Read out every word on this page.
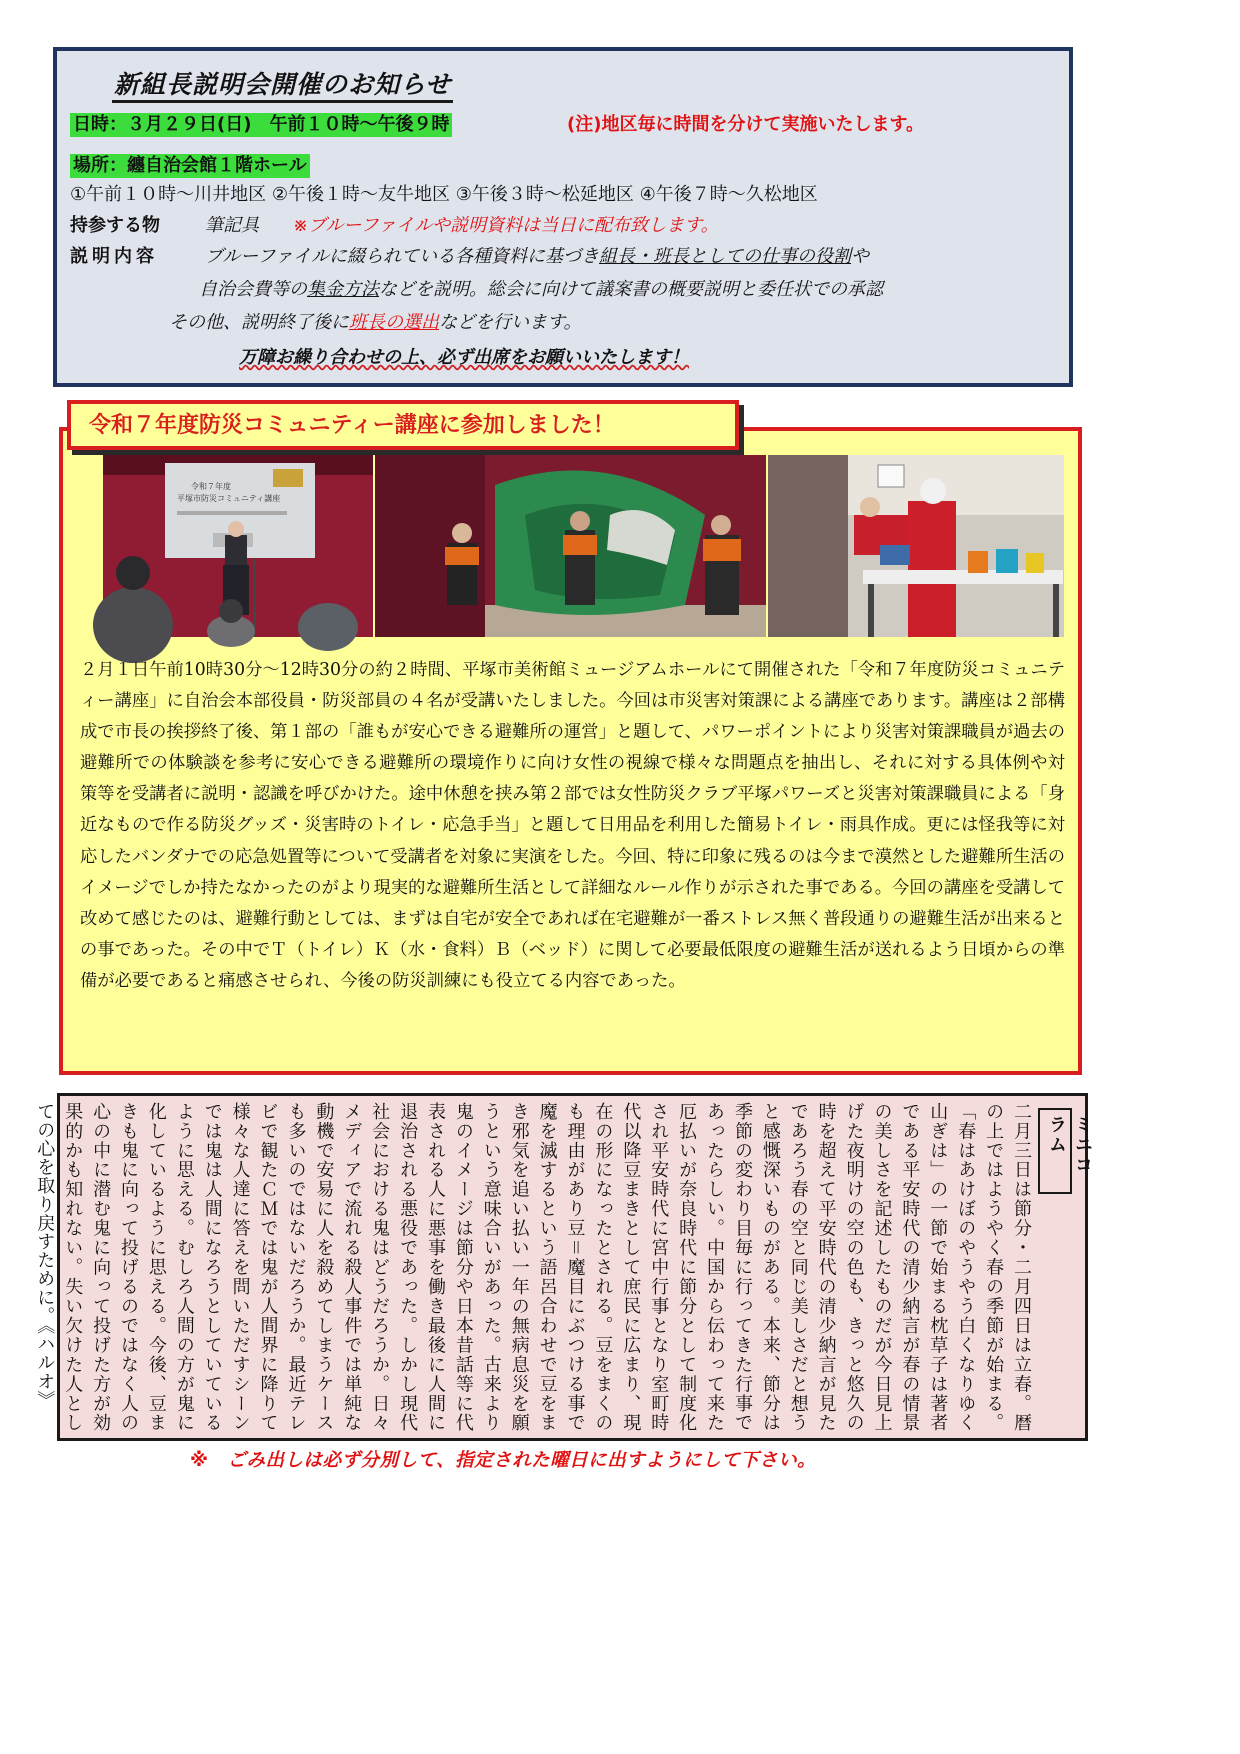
新組長説明会開催のお知らせ
日時：３月２９日(日)　午前１０時～午後９時	(注)地区毎に時間を分けて実施いたします。
場所：纏自治会館１階ホール
①午前１０時～川井地区 ②午後１時～友牛地区 ③午後３時～松延地区 ④午後７時～久松地区
持参する物	筆記具 ※ブルーファイルや説明資料は当日に配布致します。
説明内容	ブルーファイルに綴られている各種資料に基づき組長・班長としての仕事の役割や
自治会費等の集金方法などを説明。総会に向けて議案書の概要説明と委任状での承認
その他、説明終了後に班長の選出などを行います。
万障お繰り合わせの上、必ず出席をお願いいたします！
令和７年度防災コミュニティー講座に参加しました！
令和７年度
平塚市防災コミュニティ講座
２月１日午前10時30分～12時30分の約２時間、平塚市美術館ミュージアムホールにて開催された「令和７年度防災コミュニティー講座」に自治会本部役員・防災部員の４名が受講いたしました。今回は市災害対策課による講座であります。講座は２部構成で市長の挨拶終了後、第１部の「誰もが安心できる避難所の運営」と題して、パワーポイントにより災害対策課職員が過去の避難所での体験談を参考に安心できる避難所の環境作りに向け女性の視線で様々な問題点を抽出し、それに対する具体例や対策等を受講者に説明・認識を呼びかけた。途中休憩を挟み第２部では女性防災クラブ平塚パワーズと災害対策課職員による「身近なもので作る防災グッズ・災害時のトイレ・応急手当」と題して日用品を利用した簡易トイレ・雨具作成。更には怪我等に対応したバンダナでの応急処置等について受講者を対象に実演をした。今回、特に印象に残るのは今まで漠然とした避難所生活のイメージでしか持たなかったのがより現実的な避難所生活として詳細なルール作りが示された事である。今回の講座を受講して改めて感じたのは、避難行動としては、まずは自宅が安全であれば在宅避難が一番ストレス無く普段通りの避難生活が出来るとの事であった。その中でＴ（トイレ）Ｋ（水・食料）Ｂ（ベッド）に関して必要最低限度の避難生活が送れるよう日頃からの準備が必要であると痛感させられ、今後の防災訓練にも役立てる内容であった。
ミニコラム
二月三日は節分・二月四日は立春。暦の上ではようやく春の季節が始まる。「春はあけぼのやうやう白くなりゆく山ぎは」の一節で始まる枕草子は著者である平安時代の清少納言が春の情景の美しさを記述したものだが今日見上げた夜明けの空の色も、きっと悠久の時を超えて平安時代の清少納言が見たであろう春の空と同じ美しさだと想うと感慨深いものがある。本来、節分は季節の変わり目毎に行ってきた行事であったらしい。中国から伝わって来た厄払いが奈良時代に節分として制度化され平安時代に宮中行事となり室町時代以降豆まきとして庶民に広まり、現在の形になったとされる。豆をまくのも理由があり豆＝魔目にぶつける事で魔を滅するという語呂合わせで豆をまき邪気を追い払い一年の無病息災を願うという意味合いがあった。古来より鬼のイメージは節分や日本昔話等に代表される人に悪事を働き最後に人間に退治される悪役であった。しかし現代社会における鬼はどうだろうか。日々メディアで流れる殺人事件では単純な動機で安易に人を殺めてしまうケースも多いのではないだろうか。最近テレビで観たＣＭでは鬼が人間界に降りて様々な人達に答えを問いただすシーンでは鬼は人間になろうとしていているように思える。むしろ人間の方が鬼に化しているように思える。今後、豆まきも鬼に向って投げるのではなく人の心の中に潜む鬼に向って投げた方が効果的かも知れない。失い欠けた人としての心を取り戻すために。《ハルオ》
※　ごみ出しは必ず分別して、指定された曜日に出すようにして下さい。
